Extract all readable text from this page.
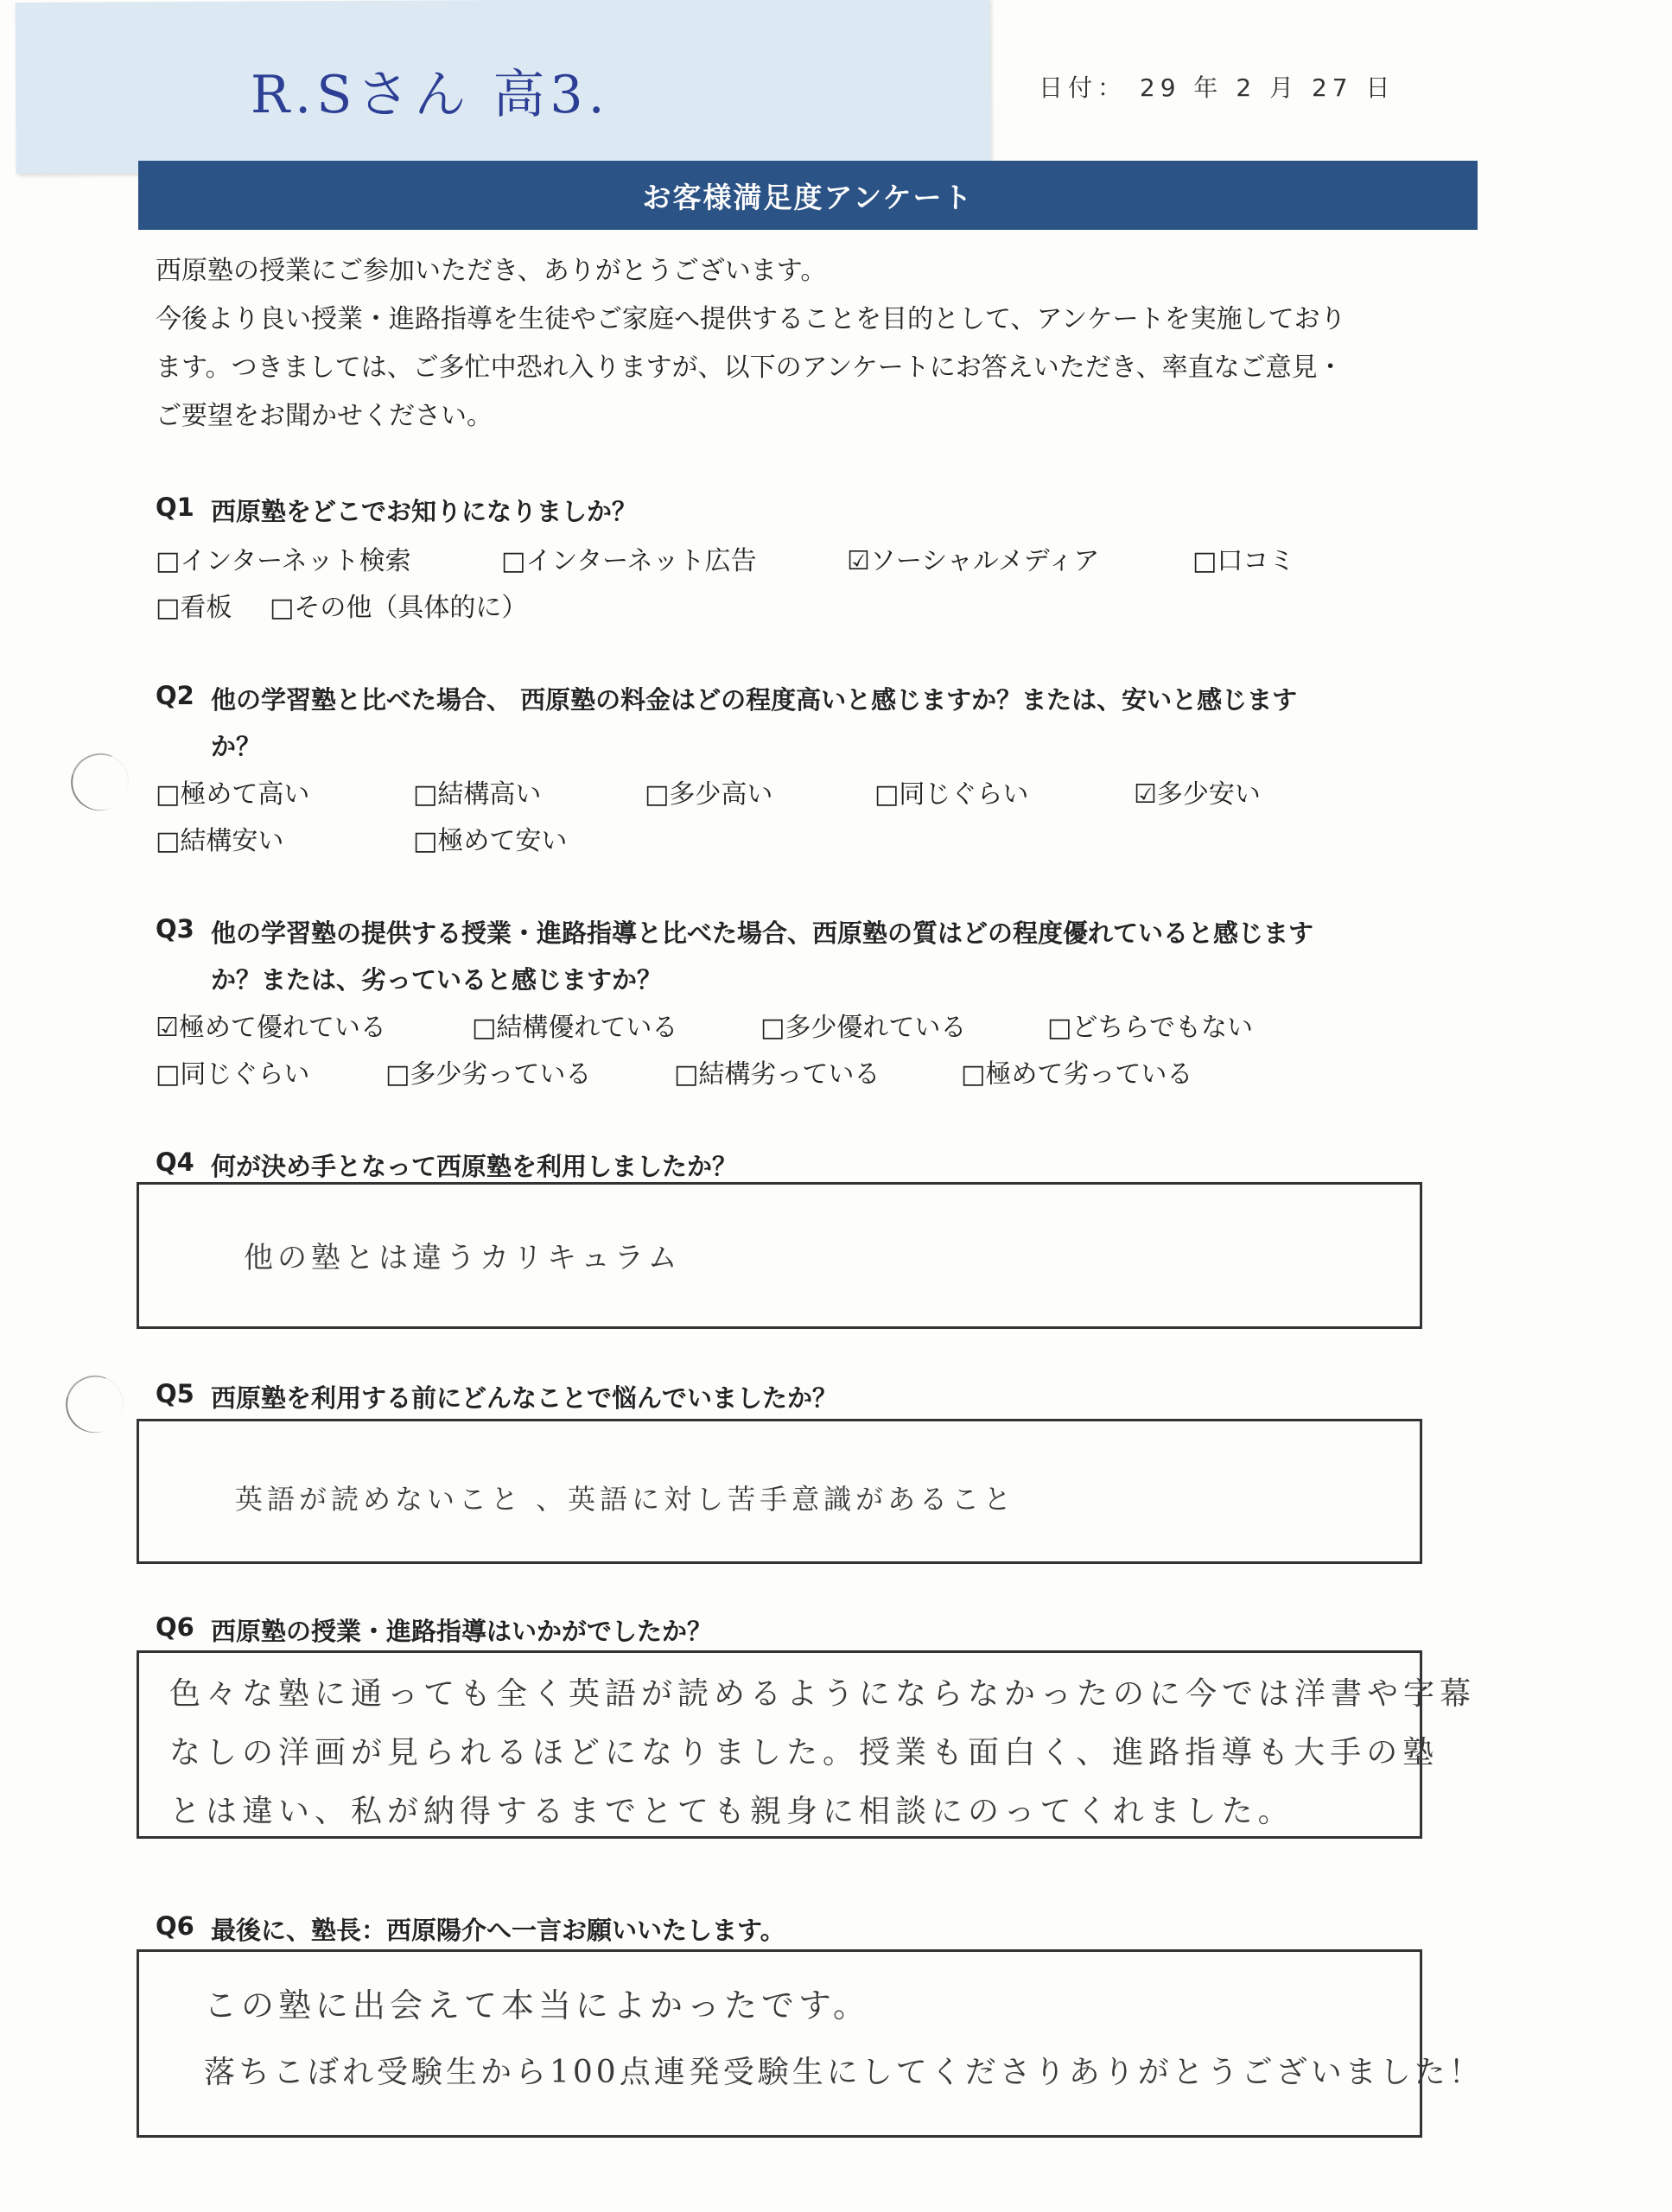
R.Sさん 高3.	日付： 29 年 2 月 27 日
お客様満足度アンケート

西原塾の授業にご参加いただき、ありがとうございます。

今後より良い授業・進路指導を生徒やご家庭へ提供することを目的として、アンケートを実施しており

ます。つきましては、ご多忙中恐れ入りますが、以下のアンケートにお答えいただき、率直なご意見・

ご要望をお聞かせください。

Q1 西原塾をどこでお知りになりましか？
□インターネット検索	□インターネット広告	☑ソーシャルメディア	□口コミ
□看板 □その他（具体的に）
Q2 他の学習塾と比べた場合、 西原塾の料金はどの程度高いと感じますか？または、安いと感じます
か？
□極めて高い	□結構高い	□多少高い	□同じぐらい	☑多少安い
□結構安い	□極めて安い
Q3 他の学習塾の提供する授業・進路指導と比べた場合、西原塾の質はどの程度優れていると感じます
か？または、劣っていると感じますか？
☑極めて優れている	□結構優れている	□多少優れている	□どちらでもない
□同じぐらい	□多少劣っている	□結構劣っている	□極めて劣っている
Q4 何が決め手となって西原塾を利用しましたか？
他の塾とは違うカリキュラム
Q5 西原塾を利用する前にどんなことで悩んでいましたか？
英語が読めないこと 、英語に対し苦手意識があること
Q6 西原塾の授業・進路指導はいかがでしたか？
色々な塾に通っても全く英語が読めるようにならなかったのに今では洋書や字幕
なしの洋画が見られるほどになりました。授業も面白く、進路指導も大手の塾
とは違い、私が納得するまでとても親身に相談にのってくれました。
Q6 最後に、塾長：西原陽介へ一言お願いいたします。
この塾に出会えて本当によかったです。
落ちこぼれ受験生から100点連発受験生にしてくださりありがとうございました！
